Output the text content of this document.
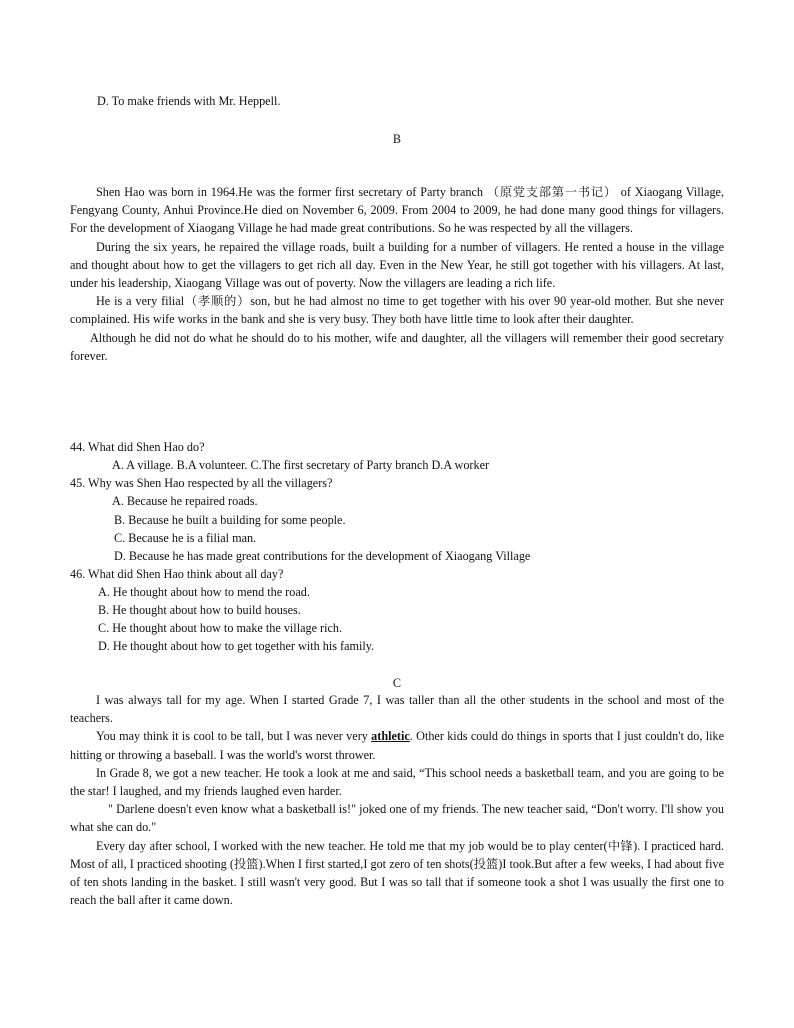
D. To make friends with Mr. Heppell.
B

Shen Hao was born in 1964.He was the former first secretary of Party branch （原党支部第一书记） of Xiaogang Village, Fengyang County, Anhui Province.He died on November 6, 2009. From 2004 to 2009, he had done many good things for villagers. For the development of Xiaogang Village he had made great contributions. So he was respected by all the villagers.

During the six years, he repaired the village roads, built a building for a number of villagers. He rented a house in the village and thought about how to get the villagers to get rich all day. Even in the New Year, he still got together with his villagers. At last, under his leadership, Xiaogang Village was out of poverty. Now the villagers are leading a rich life.

He is a very filial（孝顺的）son, but he had almost no time to get together with his over 90 year-old mother. But she never complained. His wife works in the bank and she is very busy. They both have little time to look after their daughter.

Although he did not do what he should do to his mother, wife and daughter, all the villagers will remember their good secretary forever.

44. What did Shen Hao do?
A. A village. B.A volunteer. C.The first secretary of Party branch D.A worker
45. Why was Shen Hao respected by all the villagers?
A. Because he repaired roads.
B. Because he built a building for some people.
C. Because he is a filial man.
D. Because he has made great contributions for the development of Xiaogang Village
46. What did Shen Hao think about all day?
A. He thought about how to mend the road.
B. He thought about how to build houses.
C. He thought about how to make the village rich.
D. He thought about how to get together with his family.
C

I was always tall for my age. When I started Grade 7, I was taller than all the other students in the school and most of the teachers.

You may think it is cool to be tall, but I was never very athletic. Other kids could do things in sports that I just couldn't do, like hitting or throwing a baseball. I was the world's worst thrower.

In Grade 8, we got a new teacher. He took a look at me and said, “This school needs a basketball team, and you are going to be the star! I laughed, and my friends laughed even harder.

" Darlene doesn't even know what a basketball is!" joked one of my friends. The new teacher said, “Don't worry. I'll show you what she can do."

Every day after school, I worked with the new teacher. He told me that my job would be to play center(中锋). I practiced hard. Most of all, I practiced shooting (投篮).When I first started,I got zero of ten shots(投篮)I took.But after a few weeks, I had about five of ten shots landing in the basket. I still wasn't very good. But I was so tall that if someone took a shot I was usually the first one to reach the ball after it came down.
